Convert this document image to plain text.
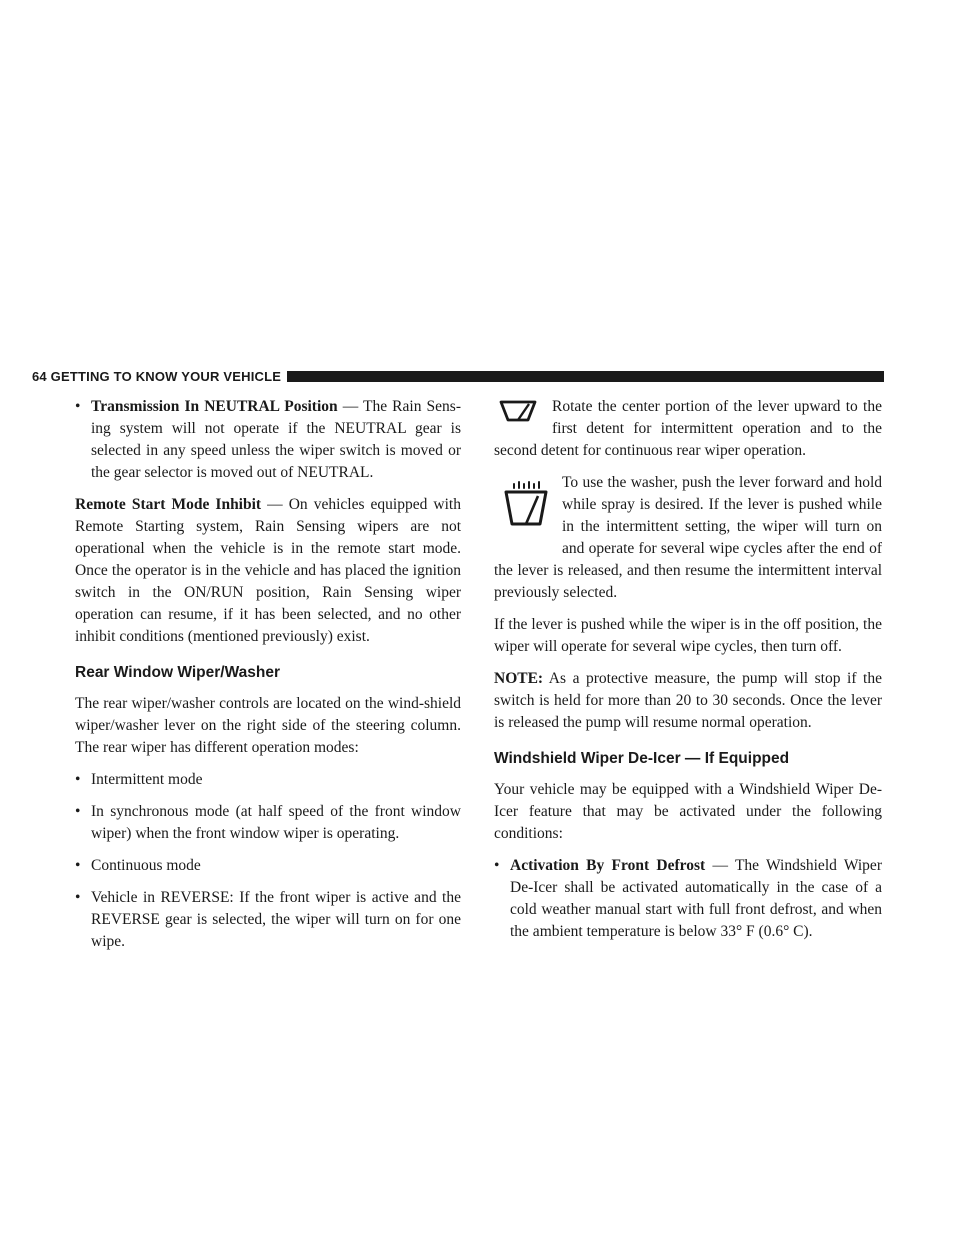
64 GETTING TO KNOW YOUR VEHICLE
• Transmission In NEUTRAL Position — The Rain Sens-ing system will not operate if the NEUTRAL gear is selected in any speed unless the wiper switch is moved or the gear selector is moved out of NEUTRAL.

Remote Start Mode Inhibit — On vehicles equipped with Remote Starting system, Rain Sensing wipers are not operational when the vehicle is in the remote start mode. Once the operator is in the vehicle and has placed the ignition switch in the ON/RUN position, Rain Sensing wiper operation can resume, if it has been selected, and no other inhibit conditions (mentioned previously) exist.

Rear Window Wiper/Washer

The rear wiper/washer controls are located on the wind-shield wiper/washer lever on the right side of the steering column. The rear wiper has different operation modes:

• Intermittent mode
• In synchronous mode (at half speed of the front window wiper) when the front window wiper is operating.
• Continuous mode
• Vehicle in REVERSE: If the front wiper is active and the REVERSE gear is selected, the wiper will turn on for one wipe.

Rotate the center portion of the lever upward to the first detent for intermittent operation and to the second detent for continuous rear wiper operation.

To use the washer, push the lever forward and hold while spray is desired. If the lever is pushed while in the intermittent setting, the wiper will turn on and operate for several wipe cycles after the end of the lever is released, and then resume the intermittent interval previously selected.

If the lever is pushed while the wiper is in the off position, the wiper will operate for several wipe cycles, then turn off.

NOTE: As a protective measure, the pump will stop if the switch is held for more than 20 to 30 seconds. Once the lever is released the pump will resume normal operation.

Windshield Wiper De-Icer — If Equipped

Your vehicle may be equipped with a Windshield Wiper De-Icer feature that may be activated under the following conditions:

• Activation By Front Defrost — The Windshield Wiper De-Icer shall be activated automatically in the case of a cold weather manual start with full front defrost, and when the ambient temperature is below 33° F (0.6° C).
